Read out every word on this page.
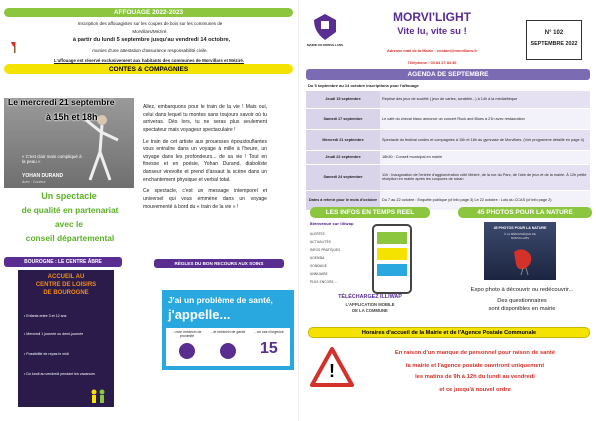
AFFOUAGE 2022-2023
Inscription des affouagistes sur les coupes de bois sur les communes de
Morvillars/Méziré.
à partir du lundi 5 septembre jusqu'au vendredi 14 octobre,
munies d'une attestation d'assurance responsabilité civile.
L'affouage est réservé exclusivement aux habitants des communes de Morvillars et Méziré.
CONTES & COMPAGNIES
« C'est clair mais compliqué à la peau »
YOHAN DURAND
Avec : Conteur
Le mercredi 21 septembre
à 15h et 18h
Un spectacle
de qualité en partenariat
avec le
conseil départemental

Allez, embarquons pour le train de la vie ! Mais oui, celui dans lequel tu montes sans toujours savoir où tu arriveras. Dès lors, tu ne seras plus seulement spectateur mais voyageur spectaculaire !

Le train de cet artiste aux prouesses époustouflantes vous entraîne dans un voyage à mille à l'heure, un voyage dans les profondeurs... de sa vie ! Tout en finesse et en poésie, Yohan Durand, diaboliste danseur virevolte et prend d'assaut la scène dans un enchantement physique et verbal total.

Ce spectacle, c'est un message intemporel et universel qui vous emmène dans un voyage mouvementé à bord du « train de la vie » !

BOUROGNE : LE CENTRE ÂBRE
ACCUEIL AU
CENTRE DE LOISIRS
DE BOUROGNE
• Enfants entre 3 et 12 ans
• Mercredi 1 journée ou demi-journée
• Possibilité de repas le midi
• Du lundi au vendredi pendant les vacances
RÈGLES DU BON RECOURS AUX SOINS
J'ai un problème de santé,
j'appelle...
...mon médecin de proximité
...le médecin de garde	...en cas d'urgence
15
MAIRIE DE MORVILLARS
MORVI'LIGHT
Vite lu, vite su !
Adresse mail de la Mairie : contact@morvillars.fr
Téléphone : 03 84 27 83 36
N° 102
SEPTEMBRE 2022
AGENDA DE SEPTEMBRE
Du 5 septembre au 14 octobre Inscriptions pour l'affouage
Jeudi 15 septembre	Reprise des jeux de société ( jeux de cartes, scrabble...) à 14h à la médiathèque
Samedi 17 septembre	Le café du cheval blanc annonce un concert Rock and Blues à 21h avec restauration
Mercredi 21 septembre	Spectacle du festival contes et compagnies à 15h et 18h au gymnase de Morvillars. (Voir programme détaillé en page 4)
Jeudi 22 septembre	18h30 : Conseil municipal en mairie
Samedi 24 septembre	11h : Inauguration de l'entrée d'agglomération côté Méziré, de la rue du Parc, de l'aire de jeux et de la mairie. À 12h petite réception en mairie après les coupures de ruban
Dates à retenir pour le mois d'octobre	Du 7 au 22 octobre : Enquête publique (cf info page 3) Le 22 octobre : Loto du CCAS (cf info page 2)
LES INFOS EN TEMPS REEL
Bienvenue sur Illiwap
ALERTES
ACTUALITÉS
INFOS PRATIQUES
AGENDA
SONDAGE
ANNUAIRE
PLUS ENCORE...
TÉLÉCHARGEZ ILLIWAP
L'APPLICATION MOBILE
DE LA COMMUNE
45 PHOTOS POUR LA NATURE
45 PHOTOS POUR LA NATURE
À LA MÉDIATHÈQUE DE
MORVILLARS
Expo photo à découvrir ou redécouvrir...
Des questionnaires
sont disponibles en mairie
Horaires d'accueil de la Mairie et de l'Agence Postale Communale
!
En raison d'un manque de personnel pour raison de santé
la mairie et l'agence postale ouvriront uniquement
les matins de 9h à 12h du lundi au vendredi
et ce jusqu'à nouvel ordre
